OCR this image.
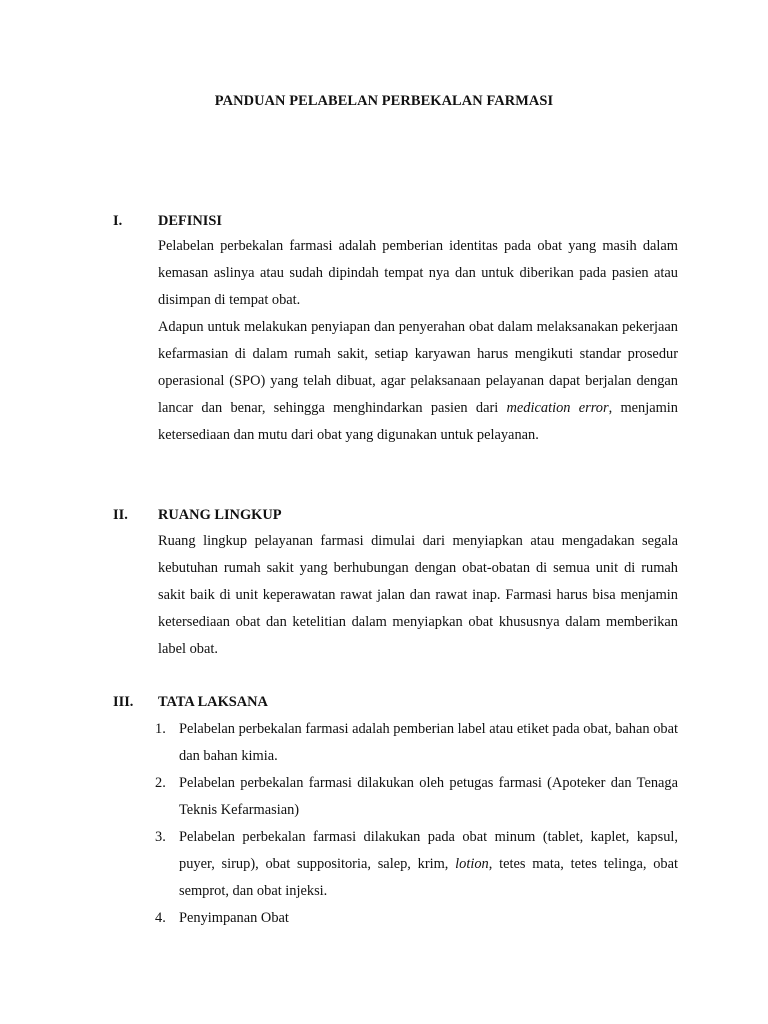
PANDUAN PELABELAN PERBEKALAN FARMASI
I. DEFINISI
Pelabelan perbekalan farmasi adalah pemberian identitas pada obat yang masih dalam kemasan aslinya atau sudah dipindah tempat nya dan untuk diberikan pada pasien atau disimpan di tempat obat.
Adapun untuk melakukan penyiapan dan penyerahan obat dalam melaksanakan pekerjaan kefarmasian di dalam rumah sakit, setiap karyawan harus mengikuti standar prosedur operasional (SPO) yang telah dibuat, agar pelaksanaan pelayanan dapat berjalan dengan lancar dan benar, sehingga menghindarkan pasien dari medication error, menjamin ketersediaan dan mutu dari obat yang digunakan untuk pelayanan.
II. RUANG LINGKUP
Ruang lingkup pelayanan farmasi dimulai dari menyiapkan atau mengadakan segala kebutuhan rumah sakit yang berhubungan dengan obat-obatan di semua unit di rumah sakit baik di unit keperawatan rawat jalan dan rawat inap. Farmasi harus bisa menjamin ketersediaan obat dan ketelitian dalam menyiapkan obat khususnya dalam memberikan label obat.
III. TATA LAKSANA
1. Pelabelan perbekalan farmasi adalah pemberian label atau etiket pada obat, bahan obat dan bahan kimia.
2. Pelabelan perbekalan farmasi dilakukan oleh petugas farmasi (Apoteker dan Tenaga Teknis Kefarmasian)
3. Pelabelan perbekalan farmasi dilakukan pada obat minum (tablet, kaplet, kapsul, puyer, sirup), obat suppositoria, salep, krim, lotion, tetes mata, tetes telinga, obat semprot, dan obat injeksi.
4. Penyimpanan Obat
